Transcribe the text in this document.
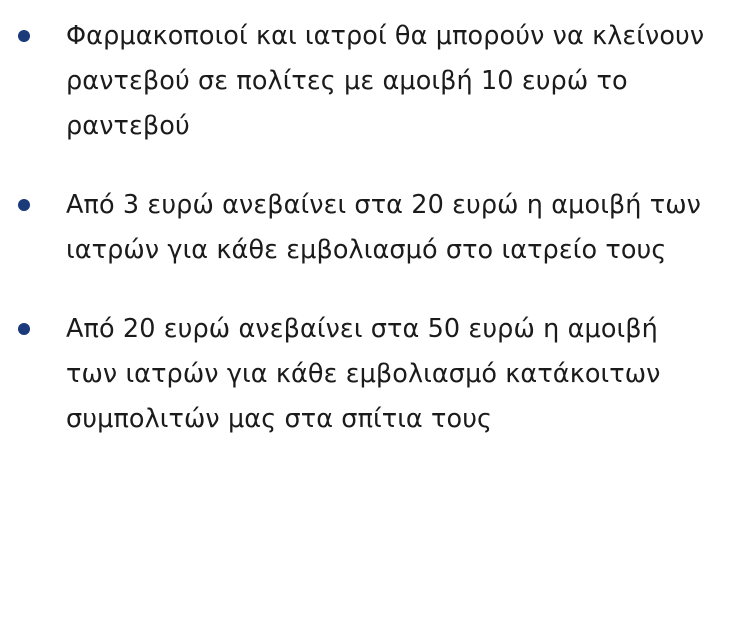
Φαρμακοποιοί και ιατροί θα μπορούν να κλείνουν ραντεβού σε πολίτες με αμοιβή 10 ευρώ το ραντεβού
Από 3 ευρώ ανεβαίνει στα 20 ευρώ η αμοιβή των ιατρών για κάθε εμβολιασμό στο ιατρείο τους
Από 20 ευρώ ανεβαίνει στα 50 ευρώ η αμοιβή των ιατρών για κάθε εμβολιασμό κατάκοιτων συμπολιτών μας στα σπίτια τους
